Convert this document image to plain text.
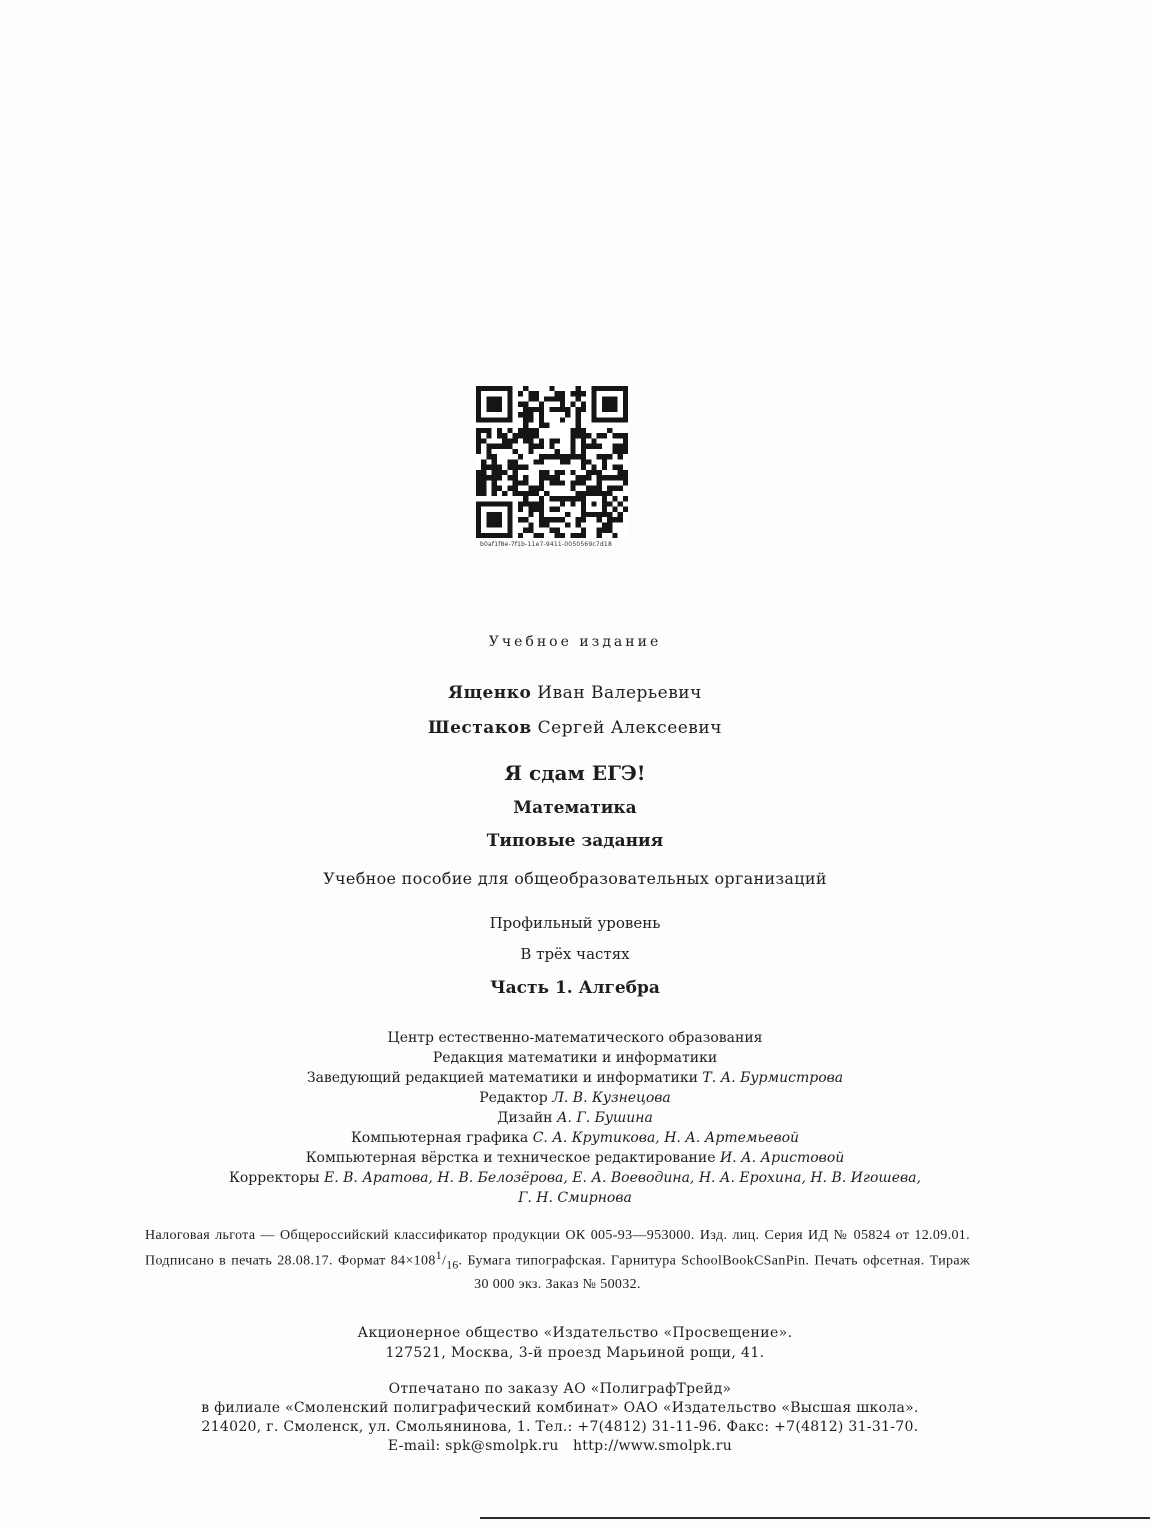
b0af1f8e-7f1b-11e7-9411-0050569c7d18
Учебное издание
Ященко Иван Валерьевич
Шестаков Сергей Алексеевич
Я сдам ЕГЭ!
Математика
Типовые задания
Учебное пособие для общеобразовательных организаций
Профильный уровень
В трёх частях
Часть 1. Алгебра
Центр естественно-математического образования
Редакция математики и информатики
Заведующий редакцией математики и информатики Т. А. Бурмистрова
Редактор Л. В. Кузнецова
Дизайн А. Г. Бушина
Компьютерная графика С. А. Крутикова, Н. А. Артемьевой
Компьютерная вёрстка и техническое редактирование И. А. Аристовой
Корректоры Е. В. Аратова, Н. В. Белозёрова, Е. А. Воеводина, Н. А. Ерохина, Н. В. Игошева,
Г. Н. Смирнова
Налоговая льгота — Общероссийский классификатор продукции ОК 005-93—953000. Изд. лиц. Серия ИД № 05824 от 12.09.01. Подписано в печать 28.08.17. Формат $84\times 108^1/_{16}$. Бумага типографская. Гарнитура SchoolBookCSanPin. Печать офсетная. Тираж 30 000 экз. Заказ № 50032.
Акционерное общество «Издательство «Просвещение».
127521, Москва, 3-й проезд Марьиной рощи, 41.
Отпечатано по заказу АО «ПолиграфТрейд»
в филиале «Смоленский полиграфический комбинат» ОАО «Издательство «Высшая школа».
214020, г. Смоленск, ул. Смольянинова, 1. Тел.: +7(4812) 31-11-96. Факс: +7(4812) 31-31-70.
E-mail: spk@smolpk.ru   http://www.smolpk.ru
